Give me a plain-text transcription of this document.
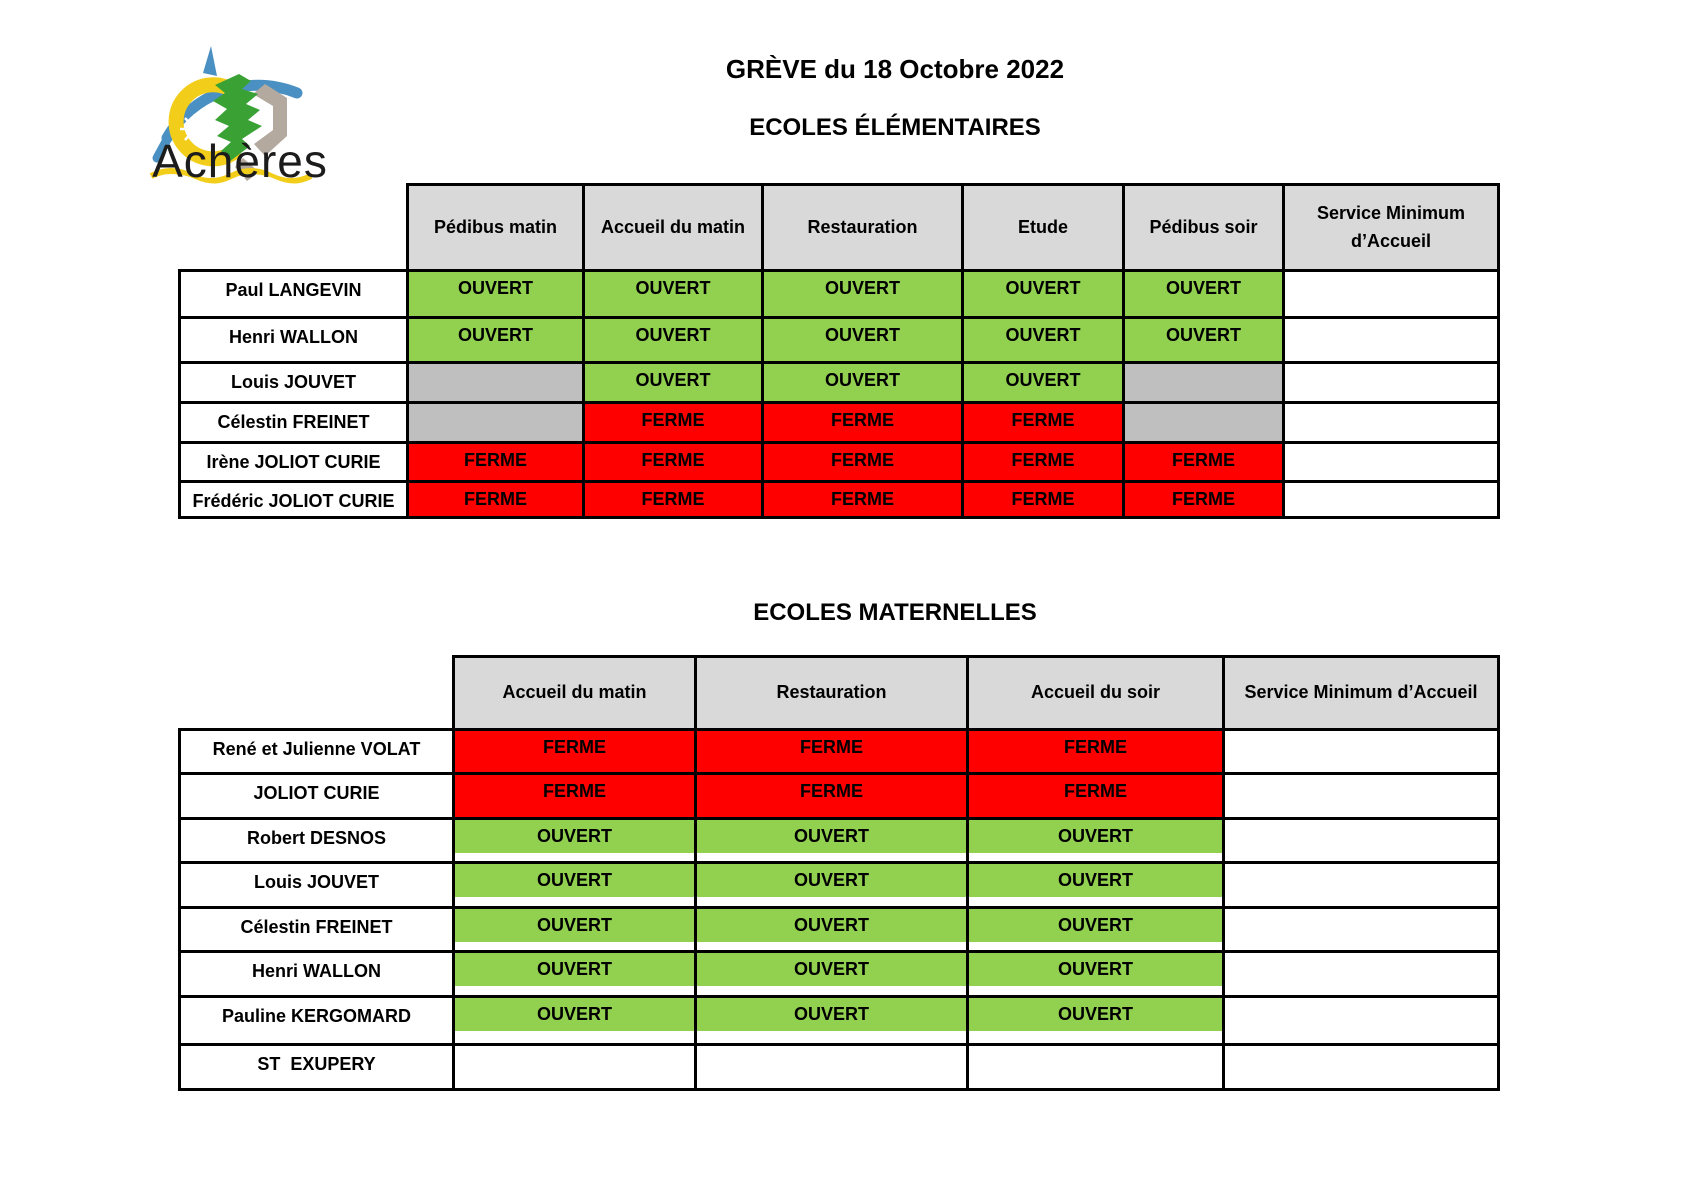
Achères
GRÈVE du 18 Octobre 2022
ECOLES ÉLÉMENTAIRES
ECOLES MATERNELLES
	Pédibus matin	Accueil du matin	Restauration	Etude	Pédibus soir	Service Minimum d’Accueil
Paul LANGEVIN	OUVERT	OUVERT	OUVERT	OUVERT	OUVERT	

Henri WALLON	OUVERT	OUVERT	OUVERT	OUVERT	OUVERT	

Louis JOUVET		OUVERT	OUVERT	OUVERT		

Célestin FREINET		FERME	FERME	FERME		

Irène JOLIOT CURIE	FERME	FERME	FERME	FERME	FERME	

Frédéric JOLIOT CURIE	FERME	FERME	FERME	FERME	FERME	

	Accueil du matin	Restauration	Accueil du soir	Service Minimum d’Accueil
René et Julienne VOLAT	FERME	FERME	FERME	

JOLIOT CURIE	FERME	FERME	FERME	

Robert DESNOS	OUVERT	OUVERT	OUVERT	

Louis JOUVET	OUVERT	OUVERT	OUVERT	

Célestin FREINET	OUVERT	OUVERT	OUVERT	

Henri WALLON	OUVERT	OUVERT	OUVERT	

Pauline KERGOMARD	OUVERT	OUVERT	OUVERT	

ST  EXUPERY	
